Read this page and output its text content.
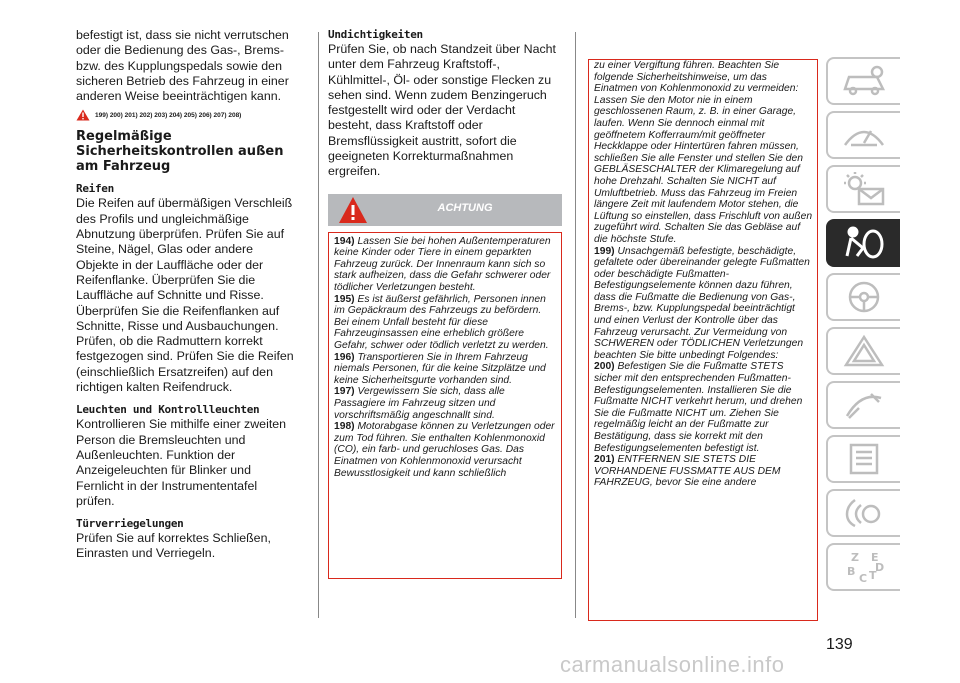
befestigt ist, dass sie nicht verrutschen oder die Bedienung des Gas-, Brems-bzw. des Kupplungspedals sowie den sicheren Betrieb des Fahrzeug in einer anderen Weise beeinträchtigen kann.

199) 200) 201) 202) 203) 204) 205) 206) 207) 208)
Regelmäßige Sicherheitskontrollen außen am Fahrzeug
Reifen

Die Reifen auf übermäßigen Verschleiß des Profils und ungleichmäßige Abnutzung überprüfen. Prüfen Sie auf Steine, Nägel, Glas oder andere Objekte in der Lauffläche oder der Reifenflanke. Überprüfen Sie die Lauffläche auf Schnitte und Risse. Überprüfen Sie die Reifenflanken auf Schnitte, Risse und Ausbauchungen. Prüfen, ob die Radmuttern korrekt festgezogen sind. Prüfen Sie die Reifen (einschließlich Ersatzreifen) auf den richtigen kalten Reifendruck.

Leuchten und Kontrollleuchten

Kontrollieren Sie mithilfe einer zweiten Person die Bremsleuchten und Außenleuchten. Funktion der Anzeigeleuchten für Blinker und Fernlicht in der Instrumententafel prüfen.

Türverriegelungen

Prüfen Sie auf korrektes Schließen, Einrasten und Verriegeln.

Undichtigkeiten

Prüfen Sie, ob nach Standzeit über Nacht unter dem Fahrzeug Kraftstoff-, Kühlmittel-, Öl- oder sonstige Flecken zu sehen sind. Wenn zudem Benzingeruch festgestellt wird oder der Verdacht besteht, dass Kraftstoff oder Bremsflüssigkeit austritt, sofort die geeigneten Korrekturmaßnahmen ergreifen.

ACHTUNG

194) Lassen Sie bei hohen Außentemperaturen keine Kinder oder Tiere in einem geparkten Fahrzeug zurück. Der Innenraum kann sich so stark aufheizen, dass die Gefahr schwerer oder tödlicher Verletzungen besteht.

195) Es ist äußerst gefährlich, Personen innen im Gepäckraum des Fahrzeugs zu befördern. Bei einem Unfall besteht für diese Fahrzeuginsassen eine erheblich größere Gefahr, schwer oder tödlich verletzt zu werden.

196) Transportieren Sie in Ihrem Fahrzeug niemals Personen, für die keine Sitzplätze und keine Sicherheitsgurte vorhanden sind.

197) Vergewissern Sie sich, dass alle Passagiere im Fahrzeug sitzen und vorschriftsmäßig angeschnallt sind.

198) Motorabgase können zu Verletzungen oder zum Tod führen. Sie enthalten Kohlenmonoxid (CO), ein farb- und geruchloses Gas. Das Einatmen von Kohlenmonoxid verursacht Bewusstlosigkeit und kann schließlich

zu einer Vergiftung führen. Beachten Sie folgende Sicherheitshinweise, um das Einatmen von Kohlenmonoxid zu vermeiden: Lassen Sie den Motor nie in einem geschlossenen Raum, z. B. in einer Garage, laufen. Wenn Sie dennoch einmal mit geöffnetem Kofferraum/mit geöffneter Heckklappe oder Hintertüren fahren müssen, schließen Sie alle Fenster und stellen Sie den GEBLÄSESCHALTER der Klimaregelung auf hohe Drehzahl. Schalten Sie NICHT auf Umluftbetrieb. Muss das Fahrzeug im Freien längere Zeit mit laufendem Motor stehen, die Lüftung so einstellen, dass Frischluft von außen zugeführt wird. Schalten Sie das Gebläse auf die höchste Stufe.

199) Unsachgemäß befestigte, beschädigte, gefaltete oder übereinander gelegte Fußmatten oder beschädigte Fußmatten-Befestigungselemente können dazu führen, dass die Fußmatte die Bedienung von Gas-, Brems-, bzw. Kupplungspedal beeinträchtigt und einen Verlust der Kontrolle über das Fahrzeug verursacht. Zur Vermeidung von SCHWEREN oder TÖDLICHEN Verletzungen beachten Sie bitte unbedingt Folgendes:

200) Befestigen Sie die Fußmatte STETS sicher mit den entsprechenden Fußmatten-Befestigungselementen. Installieren Sie die Fußmatte NICHT verkehrt herum, und drehen Sie die Fußmatte NICHT um. Ziehen Sie regelmäßig leicht an der Fußmatte zur Bestätigung, dass sie korrekt mit den Befestigungselementen befestigt ist.

201) ENTFERNEN SIE STETS DIE VORHANDENE FUSSMATTE AUS DEM FAHRZEUG, bevor Sie eine andere

Z E
B
C T
D
139
carmanualsonline.info
